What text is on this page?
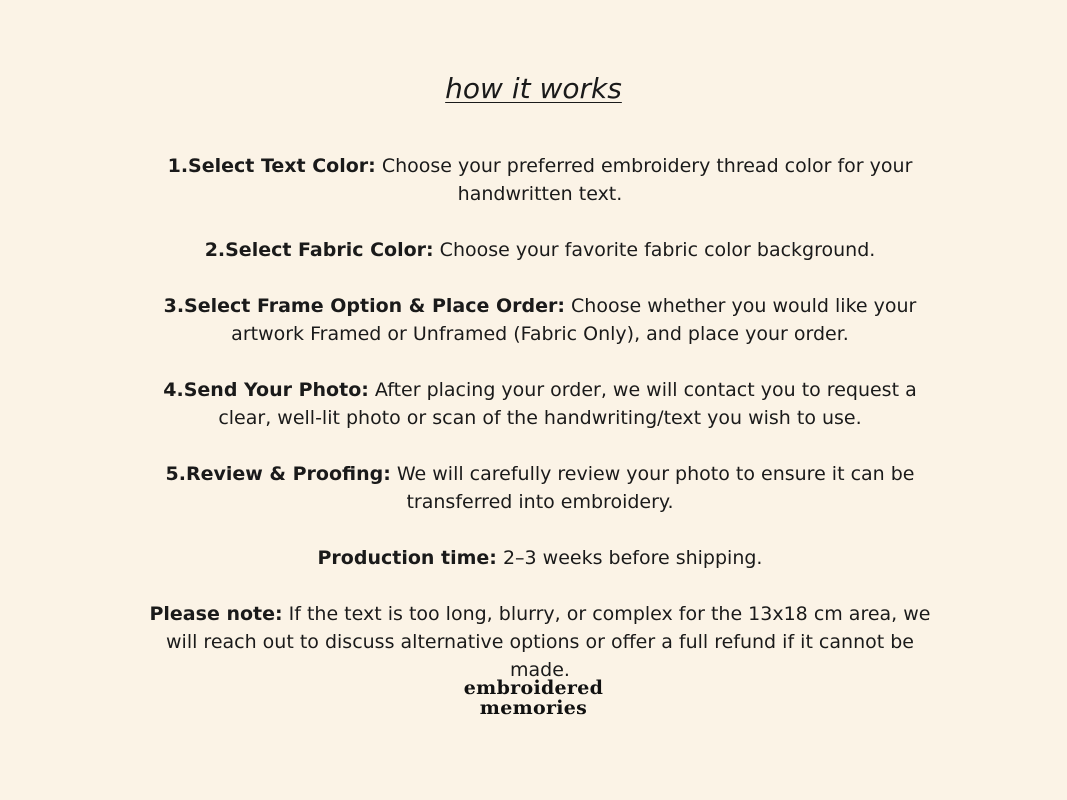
how it works

1.Select Text Color: Choose your preferred embroidery thread color for your handwritten text.

2.Select Fabric Color: Choose your favorite fabric color background.

3.Select Frame Option & Place Order: Choose whether you would like your artwork Framed or Unframed (Fabric Only), and place your order.

4.Send Your Photo: After placing your order, we will contact you to request a clear, well-lit photo or scan of the handwriting/text you wish to use.

5.Review & Proofing: We will carefully review your photo to ensure it can be transferred into embroidery.

Production time: 2–3 weeks before shipping.

Please note: If the text is too long, blurry, or complex for the 13x18 cm area, we will reach out to discuss alternative options or offer a full refund if it cannot be made.

embroidered
memories
